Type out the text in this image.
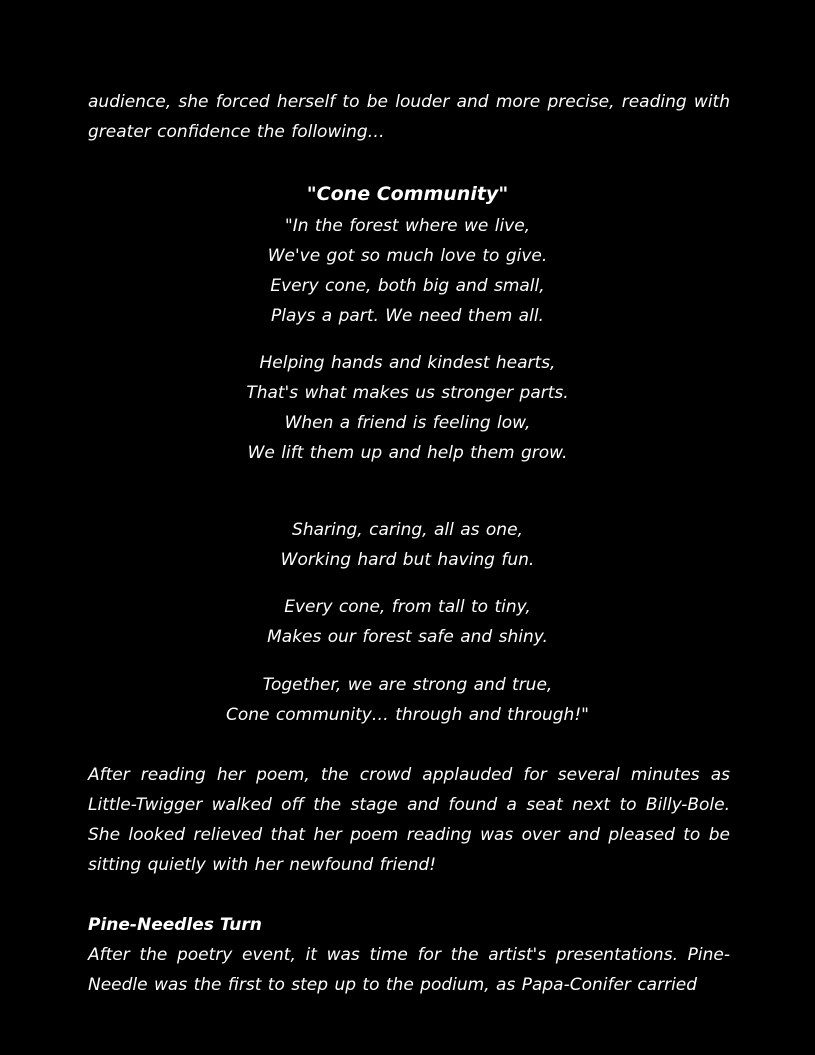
audience, she forced herself to be louder and more precise, reading with greater confidence the following…

"Cone Community"
"In the forest where we live,
We've got so much love to give.
Every cone, both big and small,
Plays a part. We need them all.
Helping hands and kindest hearts,
That's what makes us stronger parts.
When a friend is feeling low,
We lift them up and help them grow.
Sharing, caring, all as one,
Working hard but having fun.
Every cone, from tall to tiny,
Makes our forest safe and shiny.
Together, we are strong and true,
Cone community… through and through!"

After reading her poem, the crowd applauded for several minutes as Little-Twigger walked off the stage and found a seat next to Billy-Bole. She looked relieved that her poem reading was over and pleased to be sitting quietly with her newfound friend!

Pine-Needles Turn

After the poetry event, it was time for the artist's presentations. Pine-Needle was the first to step up to the podium, as Papa-Conifer carried
